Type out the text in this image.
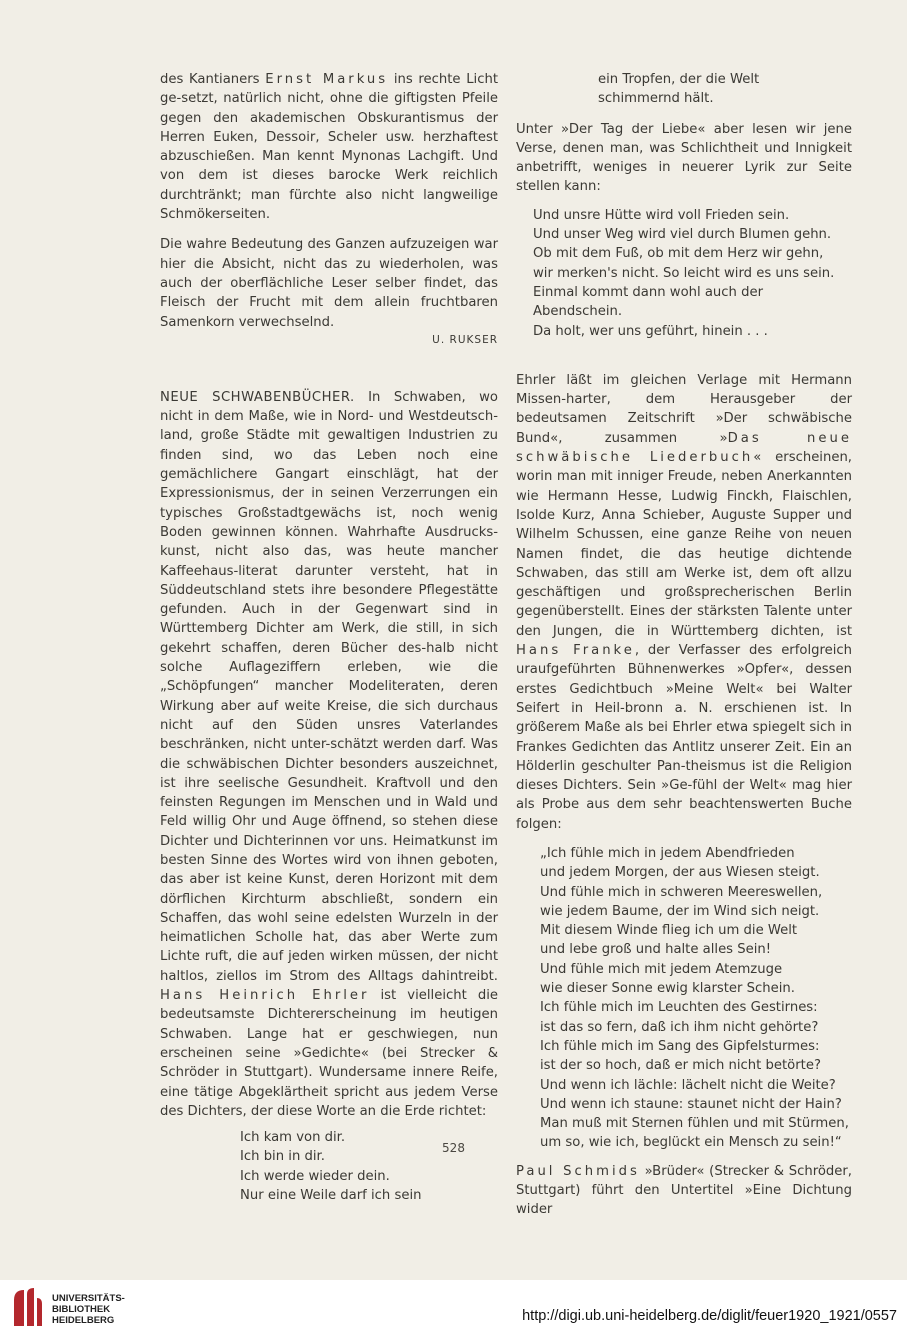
des Kantianers Ernst Markus ins rechte Licht ge-setzt, natürlich nicht, ohne die giftigsten Pfeile gegen den akademischen Obskurantismus der Herren Euken, Dessoir, Scheler usw. herzhaftest abzuschießen. Man kennt Mynonas Lachgift. Und von dem ist dieses barocke Werk reichlich durchtränkt; man fürchte also nicht langweilige Schmökerseiten.

Die wahre Bedeutung des Ganzen aufzuzeigen war hier die Absicht, nicht das zu wiederholen, was auch der oberflächliche Leser selber findet, das Fleisch der Frucht mit dem allein fruchtbaren Samenkorn verwechselnd.

U. RUKSER

NEUE SCHWABENBÜCHER. In Schwaben, wo nicht in dem Maße, wie in Nord- und Westdeutsch-land, große Städte mit gewaltigen Industrien zu finden sind, wo das Leben noch eine gemächlichere Gangart einschlägt, hat der Expressionismus, der in seinen Verzerrungen ein typisches Großstadtgewächs ist, noch wenig Boden gewinnen können. Wahrhafte Ausdrucks-kunst, nicht also das, was heute mancher Kaffeehaus-literat darunter versteht, hat in Süddeutschland stets ihre besondere Pflegestätte gefunden. Auch in der Gegenwart sind in Württemberg Dichter am Werk, die still, in sich gekehrt schaffen, deren Bücher des-halb nicht solche Auflageziffern erleben, wie die „Schöpfungen“ mancher Modeliteraten, deren Wirkung aber auf weite Kreise, die sich durchaus nicht auf den Süden unsres Vaterlandes beschränken, nicht unter-schätzt werden darf. Was die schwäbischen Dichter besonders auszeichnet, ist ihre seelische Gesundheit. Kraftvoll und den feinsten Regungen im Menschen und in Wald und Feld willig Ohr und Auge öffnend, so stehen diese Dichter und Dichterinnen vor uns. Heimatkunst im besten Sinne des Wortes wird von ihnen geboten, das aber ist keine Kunst, deren Horizont mit dem dörflichen Kirchturm abschließt, sondern ein Schaffen, das wohl seine edelsten Wurzeln in der heimatlichen Scholle hat, das aber Werte zum Lichte ruft, die auf jeden wirken müssen, der nicht haltlos, ziellos im Strom des Alltags dahintreibt. Hans Heinrich Ehrler ist vielleicht die bedeutsamste Dichtererscheinung im heutigen Schwaben. Lange hat er geschwiegen, nun erscheinen seine »Gedichte« (bei Strecker & Schröder in Stuttgart). Wundersame innere Reife, eine tätige Abgeklärtheit spricht aus jedem Verse des Dichters, der diese Worte an die Erde richtet:

Ich kam von dir.
Ich bin in dir.
Ich werde wieder dein.
Nur eine Weile darf ich sein
ein Tropfen, der die Welt
schimmernd hält.

Unter »Der Tag der Liebe« aber lesen wir jene Verse, denen man, was Schlichtheit und Innigkeit anbetrifft, weniges in neuerer Lyrik zur Seite stellen kann:

Und unsre Hütte wird voll Frieden sein.
Und unser Weg wird viel durch Blumen gehn.
Ob mit dem Fuß, ob mit dem Herz wir gehn,
wir merken's nicht. So leicht wird es uns sein.
Einmal kommt dann wohl auch der Abendschein.
Da holt, wer uns geführt, hinein . . .

Ehrler läßt im gleichen Verlage mit Hermann Missen-harter, dem Herausgeber der bedeutsamen Zeitschrift »Der schwäbische Bund«, zusammen »Das neue schwäbische Liederbuch« erscheinen, worin man mit inniger Freude, neben Anerkannten wie Hermann Hesse, Ludwig Finckh, Flaischlen, Isolde Kurz, Anna Schieber, Auguste Supper und Wilhelm Schussen, eine ganze Reihe von neuen Namen findet, die das heutige dichtende Schwaben, das still am Werke ist, dem oft allzu geschäftigen und großsprecherischen Berlin gegenüberstellt. Eines der stärksten Talente unter den Jungen, die in Württemberg dichten, ist Hans Franke, der Verfasser des erfolgreich uraufgeführten Bühnenwerkes »Opfer«, dessen erstes Gedichtbuch »Meine Welt« bei Walter Seifert in Heil-bronn a. N. erschienen ist. In größerem Maße als bei Ehrler etwa spiegelt sich in Frankes Gedichten das Antlitz unserer Zeit. Ein an Hölderlin geschulter Pan-theismus ist die Religion dieses Dichters. Sein »Ge-fühl der Welt« mag hier als Probe aus dem sehr beachtenswerten Buche folgen:

„Ich fühle mich in jedem Abendfrieden
und jedem Morgen, der aus Wiesen steigt.
Und fühle mich in schweren Meereswellen,
wie jedem Baume, der im Wind sich neigt.
Mit diesem Winde flieg ich um die Welt
und lebe groß und halte alles Sein!
Und fühle mich mit jedem Atemzuge
wie dieser Sonne ewig klarster Schein.
Ich fühle mich im Leuchten des Gestirnes:
ist das so fern, daß ich ihm nicht gehörte?
Ich fühle mich im Sang des Gipfelsturmes:
ist der so hoch, daß er mich nicht betörte?
Und wenn ich lächle: lächelt nicht die Weite?
Und wenn ich staune: staunet nicht der Hain?
Man muß mit Sternen fühlen und mit Stürmen,
um so, wie ich, beglückt ein Mensch zu sein!“

Paul Schmids »Brüder« (Strecker & Schröder, Stuttgart) führt den Untertitel »Eine Dichtung wider

528
UNIVERSITÄTS-
BIBLIOTHEK
HEIDELBERG	http://digi.ub.uni-heidelberg.de/diglit/feuer1920_1921/0557
